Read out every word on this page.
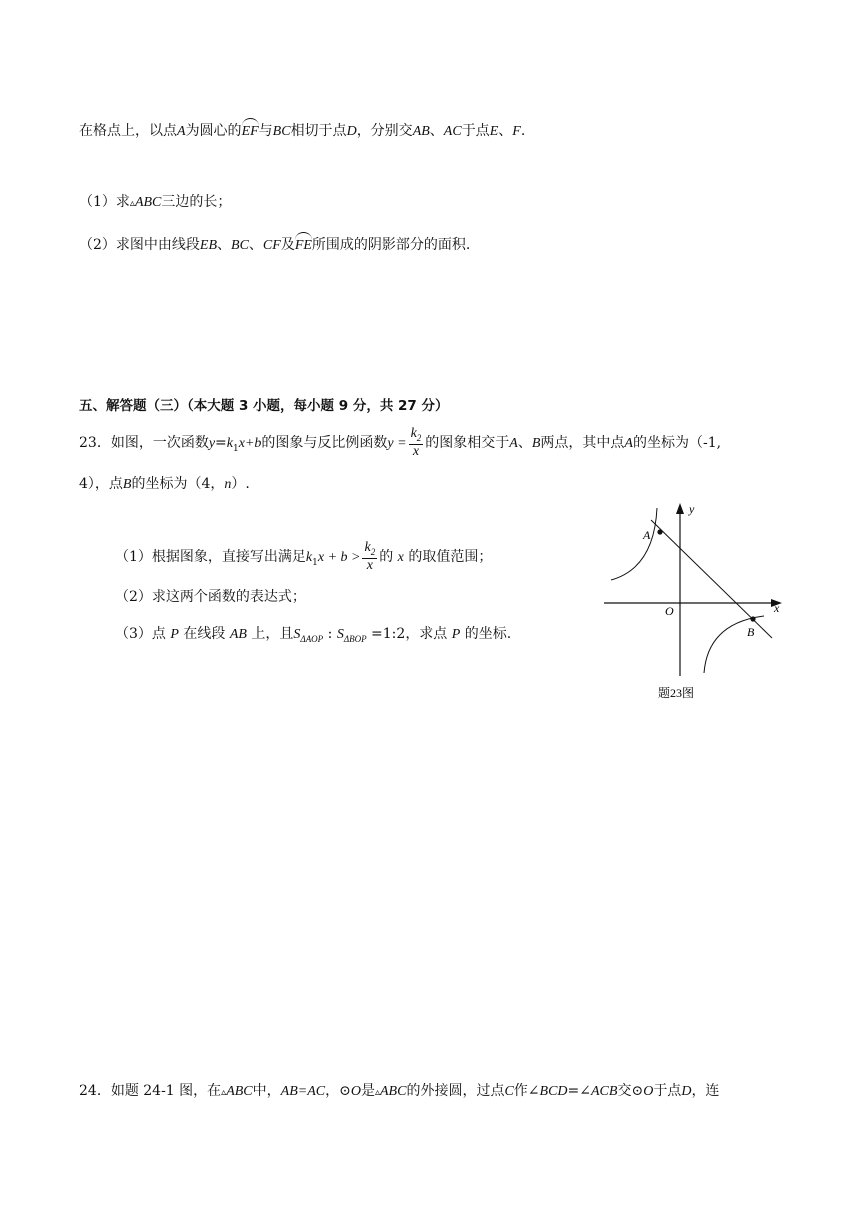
在格点上，以点A为圆心的EF与BC相切于点D，分别交AB、AC于点E、F.
（1）求▵ABC三边的长；
（2）求图中由线段EB、BC、CF及FE所围成的阴影部分的面积.
五、解答题（三）（本大题 3 小题，每小题 9 分，共 27 分）
23．如图，一次函数$y=k_1x+b$的图象与反比例函数$y = \frac{k_2}{x}$ 的图象相交于A、B两点，其中点A的坐标为（-1,
4），点B的坐标为（4，n）.
（1）根据图象，直接写出满足$k_1x + b > \frac{k_2}{x}$ 的 x 的取值范围；
（2）求这两个函数的表达式；
（3）点 P 在线段 AB 上，且$S_{\Delta AOP}$ : $S_{\Delta BOP}$ =1:2，求点 P 的坐标.
y
x
O
A
B
题23图
24．如题 24-1 图，在▵ABC中，AB=AC，⊙O是▵ABC的外接圆，过点C作∠BCD=∠ACB交⊙O于点D，连
